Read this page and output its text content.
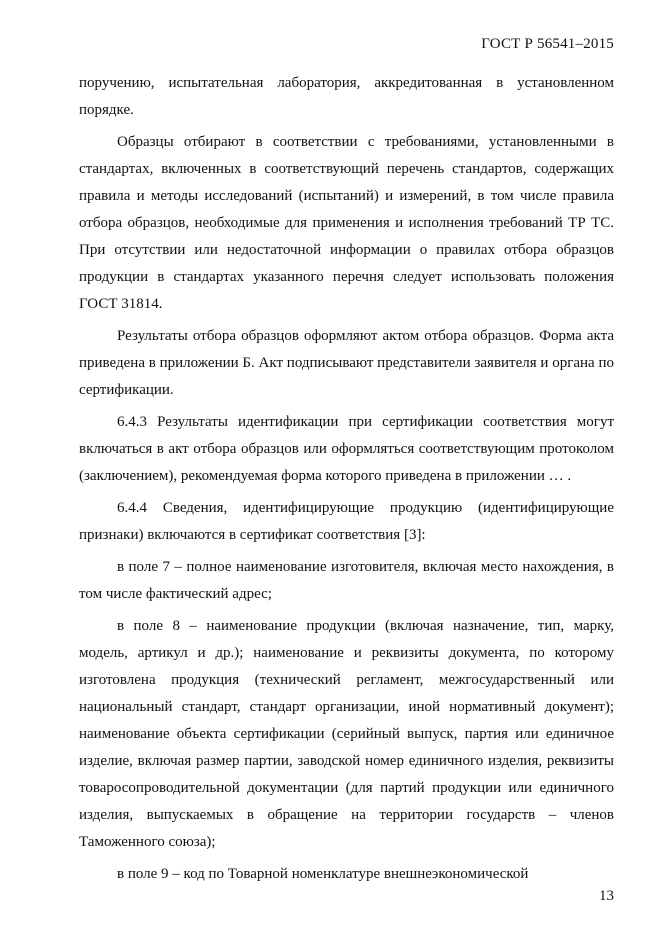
ГОСТ Р 56541–2015

поручению, испытательная лаборатория, аккредитованная в установленном порядке.

Образцы отбирают в соответствии с требованиями, установленными в стандартах, включенных в соответствующий перечень стандартов, содержащих правила и методы исследований (испытаний) и измерений, в том числе правила отбора образцов, необходимые для применения и исполнения требований ТР ТС. При отсутствии или недостаточной информации о правилах отбора образцов продукции в стандартах указанного перечня следует использовать положения ГОСТ 31814.

Результаты отбора образцов оформляют актом отбора образцов. Форма акта приведена в приложении Б. Акт подписывают представители заявителя и органа по сертификации.

6.4.3 Результаты идентификации при сертификации соответствия могут включаться в акт отбора образцов или оформляться соответствующим протоколом (заключением), рекомендуемая форма которого приведена в приложении … .

6.4.4 Сведения, идентифицирующие продукцию (идентифицирующие признаки) включаются в сертификат соответствия [3]:

в поле 7 – полное наименование изготовителя, включая место нахождения, в том числе фактический адрес;

в поле 8 – наименование продукции (включая назначение, тип, марку, модель, артикул и др.); наименование и реквизиты документа, по которому изготовлена продукция (технический регламент, межгосударственный или национальный стандарт, стандарт организации, иной нормативный документ); наименование объекта сертификации (серийный выпуск, партия или единичное изделие, включая размер партии, заводской номер единичного изделия, реквизиты товаросопроводительной документации (для партий продукции или единичного изделия, выпускаемых в обращение на территории государств – членов Таможенного союза);

в поле 9 – код по Товарной номенклатуре внешнеэкономической

13
